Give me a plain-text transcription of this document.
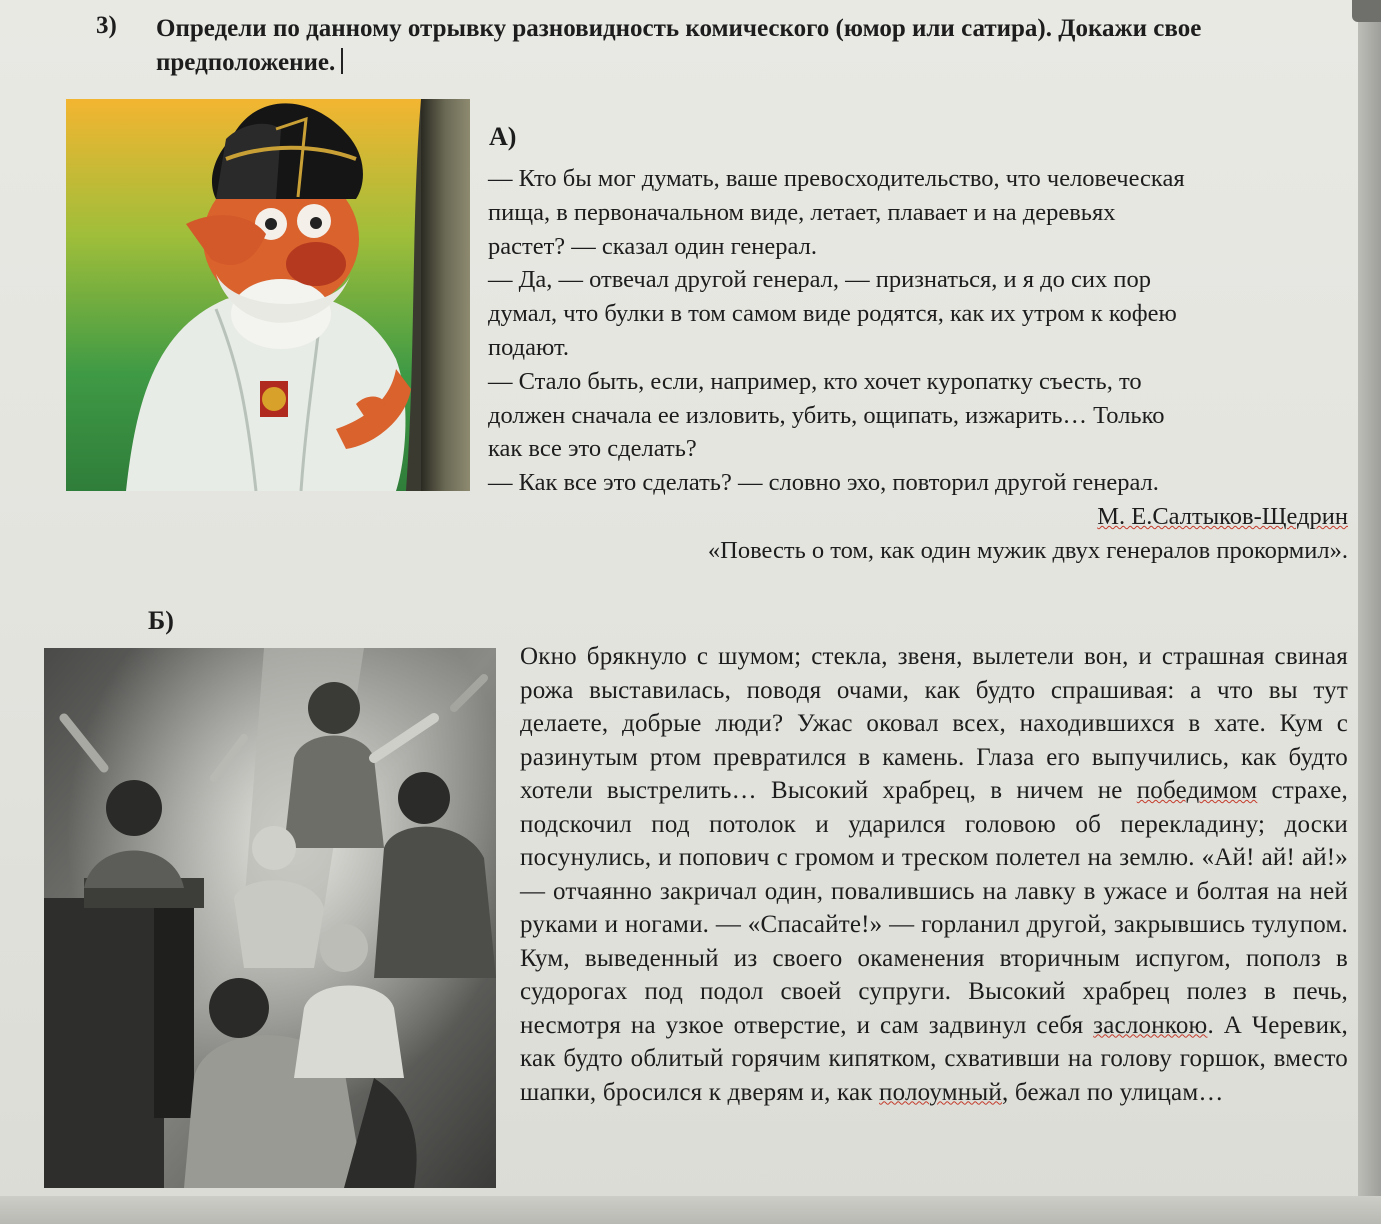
3) Определи по данному отрывку разновидность комического (юмор или сатира). Докажи свое предположение.
А)
— Кто бы мог думать, ваше превосходительство, что человеческая
пища, в первоначальном виде, летает, плавает и на деревьях
растет? — сказал один генерал.
— Да, — отвечал другой генерал, — признаться, и я до сих пор
думал, что булки в том самом виде родятся, как их утром к кофею
подают.
— Стало быть, если, например, кто хочет куропатку съесть, то
должен сначала ее изловить, убить, ощипать, изжарить… Только
как все это сделать?
— Как все это сделать? — словно эхо, повторил другой генерал.
М. Е.Салтыков-Щедрин
«Повесть о том, как один мужик двух генералов прокормил».
Б)
Окно брякнуло с шумом; стекла, звеня, вылетели вон, и страшная свиная рожа выставилась, поводя очами, как будто спрашивая: а что вы тут делаете, добрые люди? Ужас оковал всех, находившихся в хате. Кум с разинутым ртом превратился в камень. Глаза его выпучились, как будто хотели выстрелить… Высокий храбрец, в ничем не победимом страхе, подскочил под потолок и ударился головою об перекладину; доски посунулись, и попович с громом и треском полетел на землю. «Ай! ай! ай!» — отчаянно закричал один, повалившись на лавку в ужасе и болтая на ней руками и ногами. — «Спасайте!» — горланил другой, закрывшись тулупом. Кум, выведенный из своего окаменения вторичным испугом, пополз в судорогах под подол своей супруги. Высокий храбрец полез в печь, несмотря на узкое отверстие, и сам задвинул себя заслонкою. А Черевик, как будто облитый горячим кипятком, схвативши на голову горшок, вместо шапки, бросился к дверям и, как полоумный, бежал по улицам…
